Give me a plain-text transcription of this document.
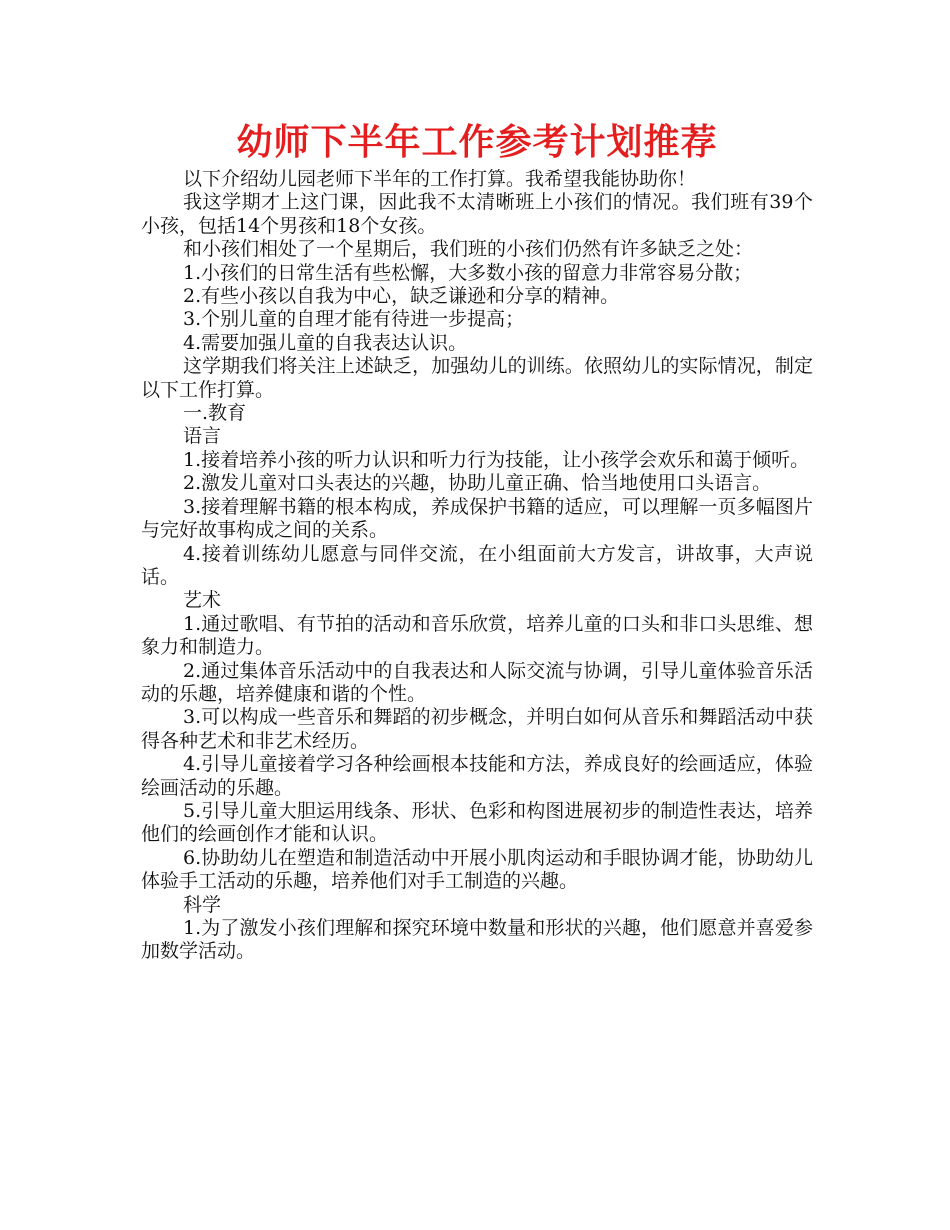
幼师下半年工作参考计划推荐

以下介绍幼儿园老师下半年的工作打算。我希望我能协助你！

我这学期才上这门课，因此我不太清晰班上小孩们的情况。我们班有39个小孩，包括14个男孩和18个女孩。

和小孩们相处了一个星期后，我们班的小孩们仍然有许多缺乏之处：

1.小孩们的日常生活有些松懈，大多数小孩的留意力非常容易分散；

2.有些小孩以自我为中心，缺乏谦逊和分享的精神。

3.个别儿童的自理才能有待进一步提高；

4.需要加强儿童的自我表达认识。

这学期我们将关注上述缺乏，加强幼儿的训练。依照幼儿的实际情况，制定以下工作打算。

一.教育

语言

1.接着培养小孩的听力认识和听力行为技能，让小孩学会欢乐和蔼于倾听。

2.激发儿童对口头表达的兴趣，协助儿童正确、恰当地使用口头语言。

3.接着理解书籍的根本构成，养成保护书籍的适应，可以理解一页多幅图片与完好故事构成之间的关系。

4.接着训练幼儿愿意与同伴交流，在小组面前大方发言，讲故事，大声说话。

艺术

1.通过歌唱、有节拍的活动和音乐欣赏，培养儿童的口头和非口头思维、想象力和制造力。

2.通过集体音乐活动中的自我表达和人际交流与协调，引导儿童体验音乐活动的乐趣，培养健康和谐的个性。

3.可以构成一些音乐和舞蹈的初步概念，并明白如何从音乐和舞蹈活动中获得各种艺术和非艺术经历。

4.引导儿童接着学习各种绘画根本技能和方法，养成良好的绘画适应，体验绘画活动的乐趣。

5.引导儿童大胆运用线条、形状、色彩和构图进展初步的制造性表达，培养他们的绘画创作才能和认识。

6.协助幼儿在塑造和制造活动中开展小肌肉运动和手眼协调才能，协助幼儿体验手工活动的乐趣，培养他们对手工制造的兴趣。

科学

1.为了激发小孩们理解和探究环境中数量和形状的兴趣，他们愿意并喜爱参加数学活动。
